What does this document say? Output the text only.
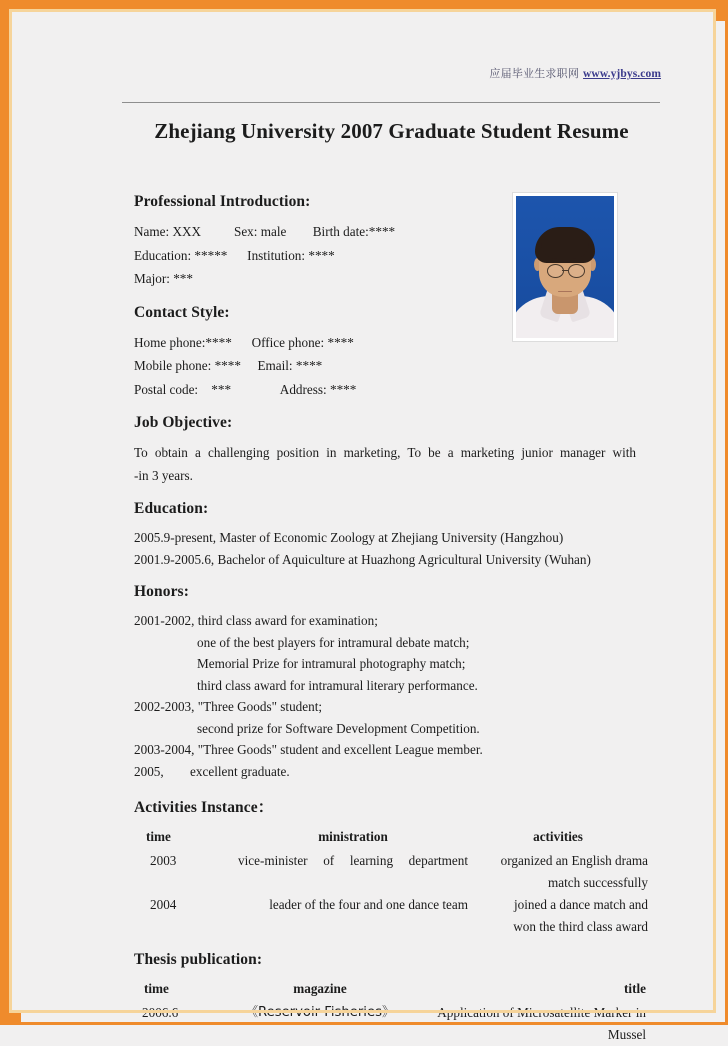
应届毕业生求职网 www.yjbys.com
Zhejiang University 2007 Graduate Student Resume
Professional Introduction:
Name: XXX          Sex: male        Birth date:****
Education: *****      Institution: ****
Major: ***
Contact Style:
Home phone:****      Office phone: ****
Mobile phone: ****     Email: ****
Postal code:    ***               Address: ****
Job Objective:

To obtain a challenging position in marketing, To be a marketing junior manager with

-in 3 years.

Education:

2005.9-present, Master of Economic Zoology at Zhejiang University (Hangzhou)

2001.9-2005.6, Bachelor of Aquiculture at Huazhong Agricultural University (Wuhan)

Honors:

2001-2002, third class award for examination;

one of the best players for intramural debate match;

Memorial Prize for intramural photography match;

third class award for intramural literary performance.

2002-2003, "Three Goods" student;

second prize for Software Development Competition.

2003-2004, "Three Goods" student and excellent League member.

2005,        excellent graduate.

Activities Instance：
time	ministration	activities
2003	vice-minister of learning department	organized an English drama
match successfully

2004	leader of the four and one dance team	joined a dance match and
won the third class award
Thesis publication:
time	magazine	title
2006.6	《Reservoir Fisheries》	Application of Microsatellite Marker in Mussel
